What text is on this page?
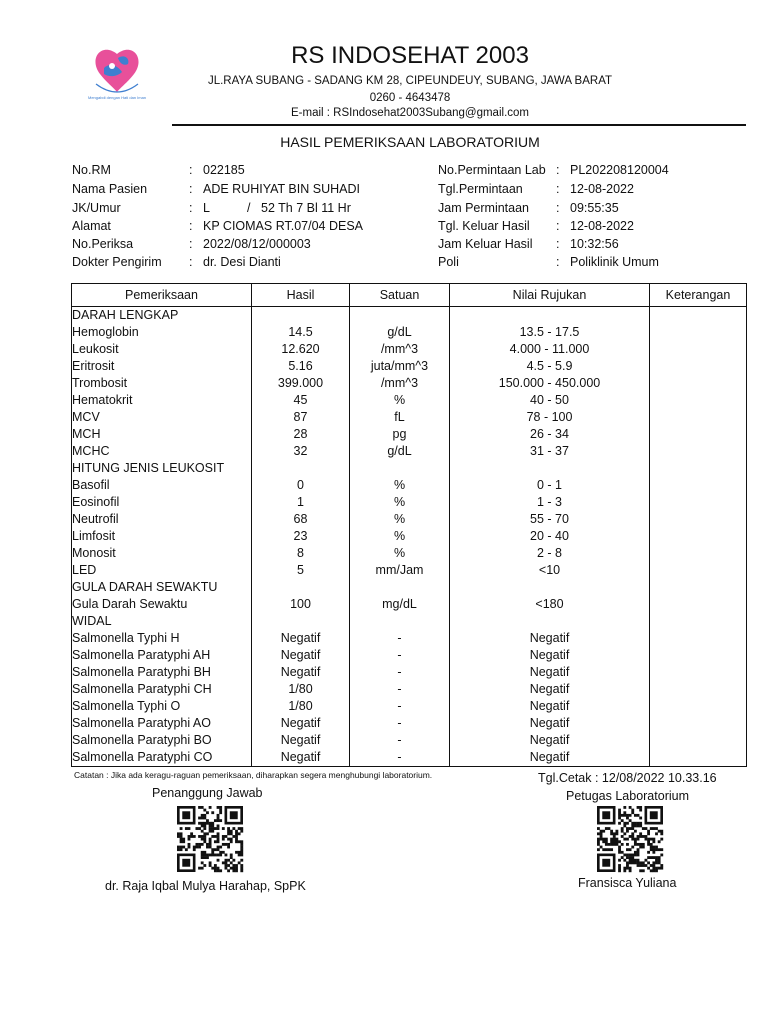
Mengabdi dengan Hati dan Iman
RS INDOSEHAT 2003
JL.RAYA SUBANG - SADANG KM 28, CIPEUNDEUY, SUBANG, JAWA BARAT
0260 - 4643478
E-mail : RSIndosehat2003Subang@gmail.com
HASIL PEMERIKSAAN LABORATORIUM
No.RM	: 022185
Nama Pasien	: ADE RUHIYAT BIN SUHADI
JK/Umur	: L	/ 52 Th 7 Bl 11 Hr
Alamat	: KP CIOMAS RT.07/04 DESA
No.Periksa	: 2022/08/12/000003
Dokter Pengirim : dr. Desi Dianti
No.Permintaan Lab : PL202208120004
Tgl.Permintaan	: 12-08-2022
Jam Permintaan : 09:55:35
Tgl. Keluar Hasil : 12-08-2022
Jam Keluar Hasil : 10:32:56
Poli	: Poliklinik Umum
Pemeriksaan	Hasil	Satuan	Nilai Rujukan	Keterangan
DARAH LENGKAP				
Hemoglobin	14.5	g/dL	13.5 - 17.5	
Leukosit	12.620	/mm^3	4.000 - 11.000	
Eritrosit	5.16	juta/mm^3	4.5 - 5.9	
Trombosit	399.000	/mm^3	150.000 - 450.000	
Hematokrit	45	%	40 - 50	
MCV	87	fL	78 - 100	
MCH	28	pg	26 - 34	
MCHC	32	g/dL	31 - 37	
HITUNG JENIS LEUKOSIT				
Basofil	0	%	0 - 1	
Eosinofil	1	%	1 - 3	
Neutrofil	68	%	55 - 70	
Limfosit	23	%	20 - 40	
Monosit	8	%	2 - 8	
LED	5	mm/Jam	<10	
GULA DARAH SEWAKTU				
Gula Darah Sewaktu	100	mg/dL	<180	
WIDAL				
Salmonella Typhi H	Negatif	-	Negatif	
Salmonella Paratyphi AH	Negatif	-	Negatif	
Salmonella Paratyphi BH	Negatif	-	Negatif	
Salmonella Paratyphi CH	1/80	-	Negatif	
Salmonella Typhi O	1/80	-	Negatif	
Salmonella Paratyphi AO	Negatif	-	Negatif	
Salmonella Paratyphi BO	Negatif	-	Negatif	
Salmonella Paratyphi CO	Negatif	-	Negatif	
Catatan : Jika ada keragu-raguan pemeriksaan, diharapkan segera menghubungi laboratorium.	Tgl.Cetak : 12/08/2022 10.33.16
Penanggung Jawab
dr. Raja Iqbal Mulya Harahap, SpPK
Petugas Laboratorium
Fransisca Yuliana
